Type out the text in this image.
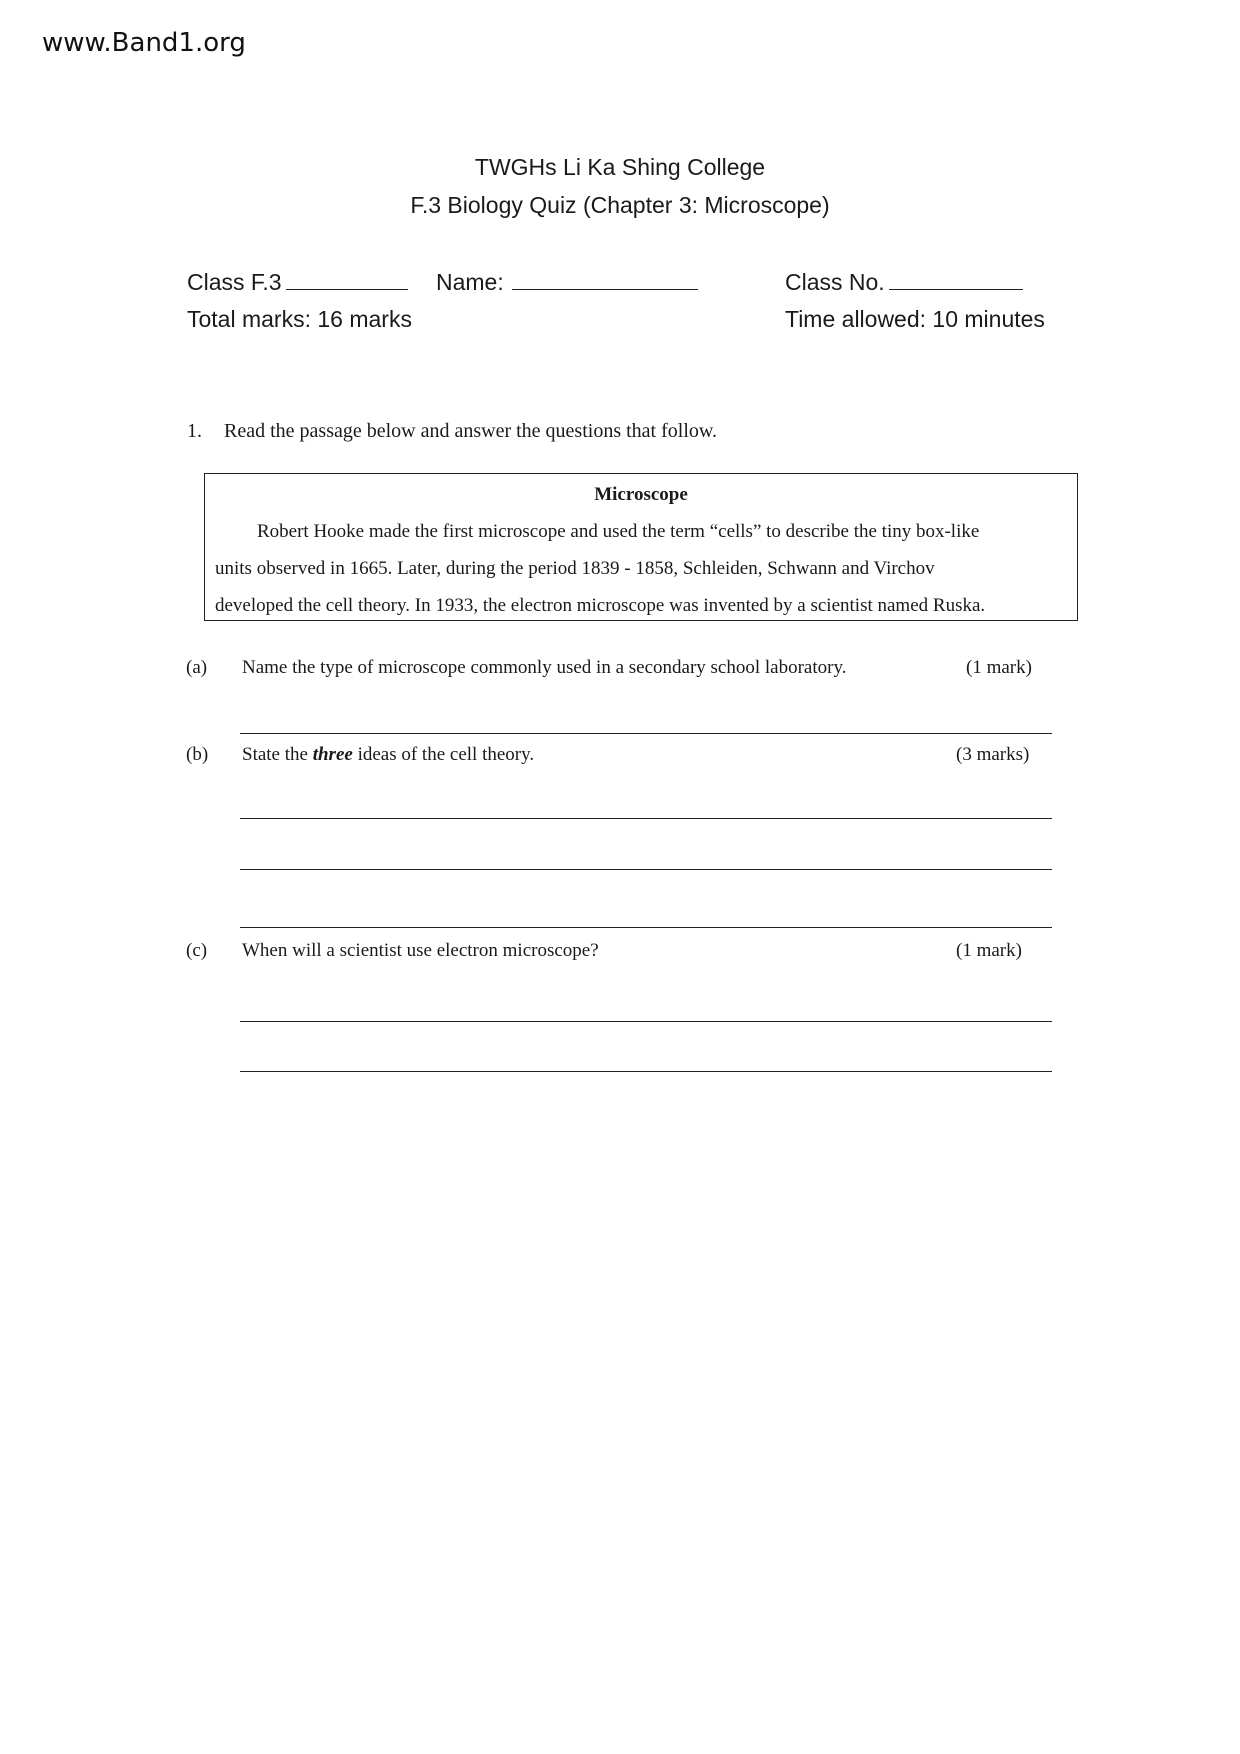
www.Band1.org
TWGHs Li Ka Shing College
F.3 Biology Quiz (Chapter 3: Microscope)
Class F.3	Name:	Class No.
Total marks: 16 marks	Time allowed: 10 minutes
1. Read the passage below and answer the questions that follow.
Microscope
Robert Hooke made the first microscope and used the term “cells” to describe the tiny box-like
units observed in 1665. Later, during the period 1839 - 1858, Schleiden, Schwann and Virchov
developed the cell theory. In 1933, the electron microscope was invented by a scientist named Ruska.
(a) Name the type of microscope commonly used in a secondary school laboratory.	(1 mark)
(b) State the three ideas of the cell theory.	(3 marks)
(c) When will a scientist use electron microscope?	(1 mark)
